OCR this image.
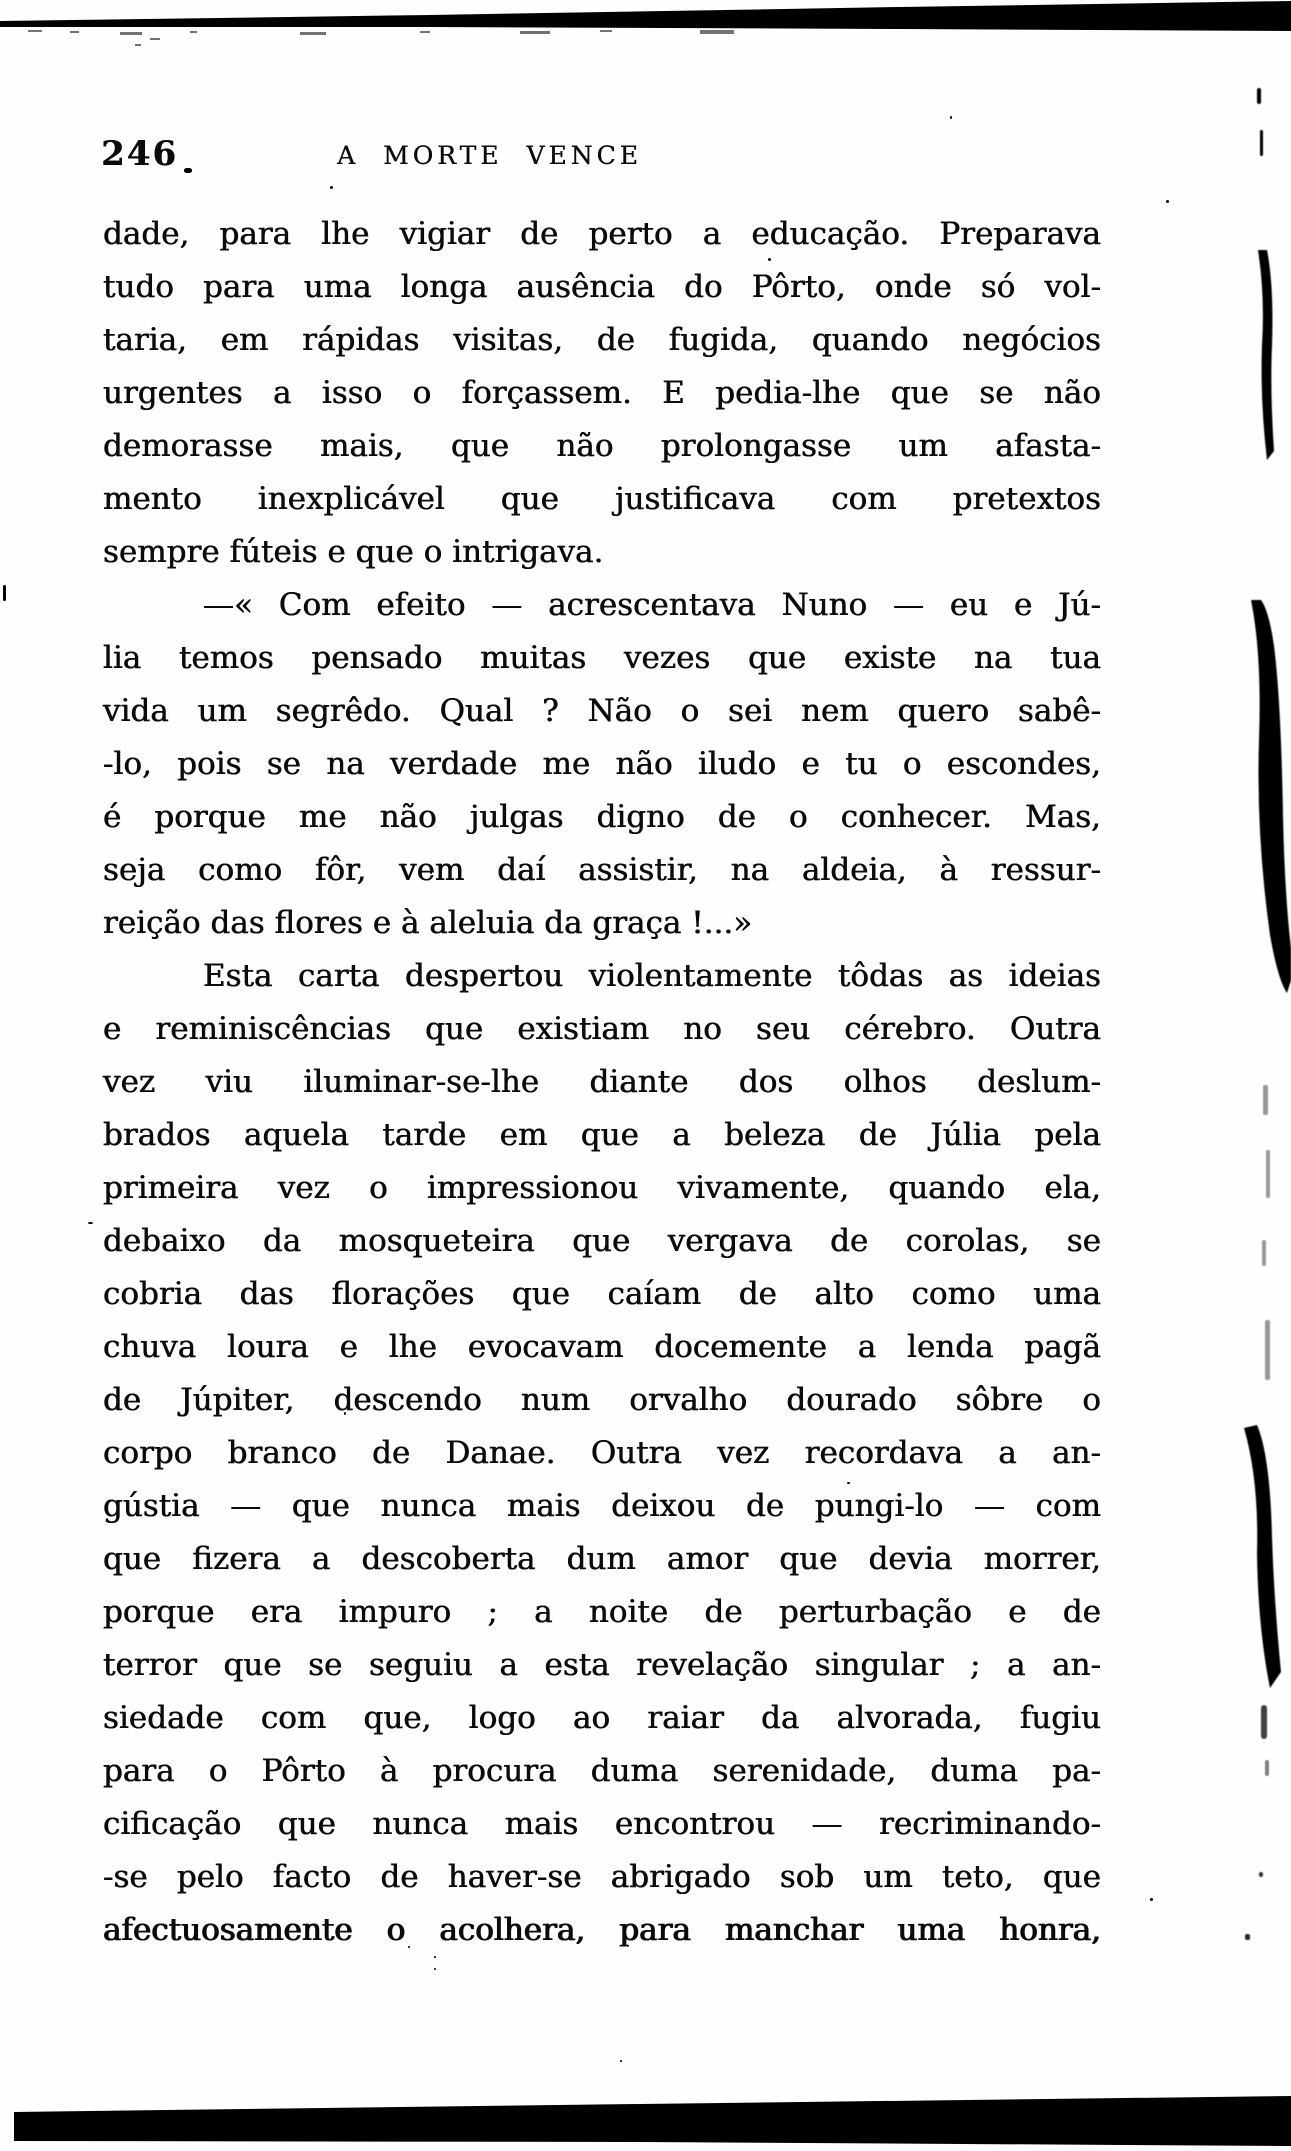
246	A MORTE VENCE
dade, para lhe vigiar de perto a educação. Preparava
tudo para uma longa ausência do Pôrto, onde só vol-
taria, em rápidas visitas, de fugida, quando negócios
urgentes a isso o forçassem. E pedia-lhe que se não
demorasse mais, que não prolongasse um afasta-
mento inexplicável que justificava com pretextos
sempre fúteis e que o intrigava.
—« Com efeito — acrescentava Nuno — eu e Jú-
lia temos pensado muitas vezes que existe na tua
vida um segrêdo. Qual ? Não o sei nem quero sabê-
-lo, pois se na verdade me não iludo e tu o escondes,
é porque me não julgas digno de o conhecer. Mas,
seja como fôr, vem daí assistir, na aldeia, à ressur-
reição das flores e à aleluia da graça !...»
Esta carta despertou violentamente tôdas as ideias
e reminiscências que existiam no seu cérebro. Outra
vez viu iluminar-se-lhe diante dos olhos deslum-
brados aquela tarde em que a beleza de Júlia pela
primeira vez o impressionou vivamente, quando ela,
debaixo da mosqueteira que vergava de corolas, se
cobria das florações que caíam de alto como uma
chuva loura e lhe evocavam docemente a lenda pagã
de Júpiter, descendo num orvalho dourado sôbre o
corpo branco de Danae. Outra vez recordava a an-
gústia — que nunca mais deixou de pungi-lo — com
que fizera a descoberta dum amor que devia morrer,
porque era impuro ; a noite de perturbação e de
terror que se seguiu a esta revelação singular ; a an-
siedade com que, logo ao raiar da alvorada, fugiu
para o Pôrto à procura duma serenidade, duma pa-
cificação que nunca mais encontrou — recriminando-
-se pelo facto de haver-se abrigado sob um teto, que
afectuosamente o acolhera, para manchar uma honra,
